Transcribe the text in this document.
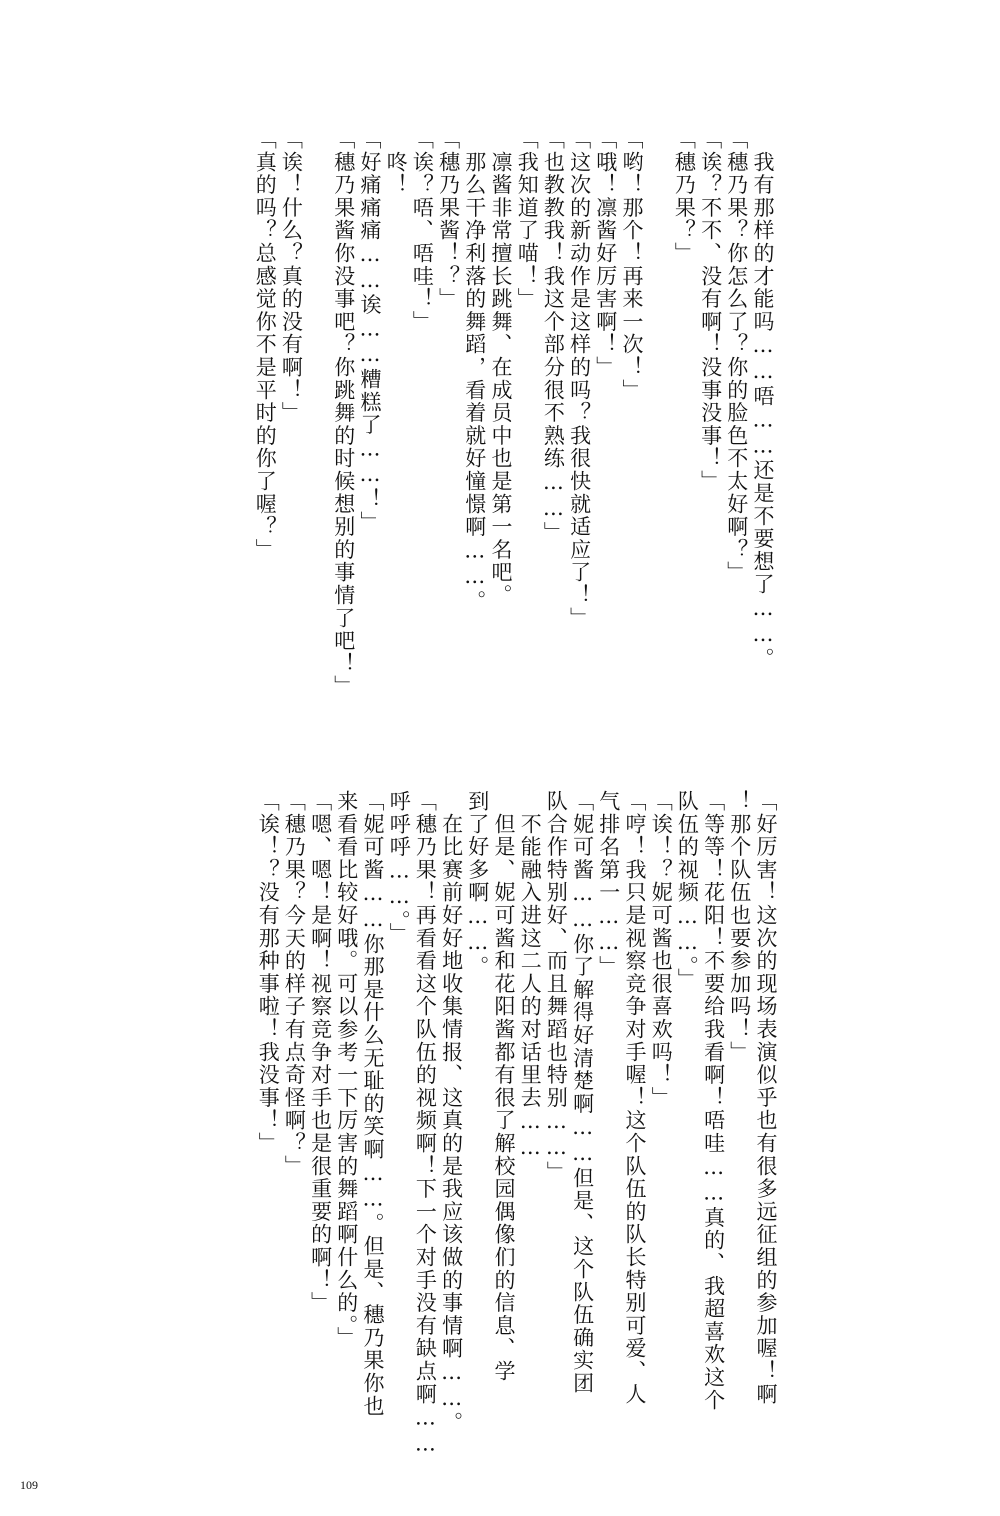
　我有那样的才能吗……唔……还是不要想了……。
「穗乃果？你怎么了？你的脸色不太好啊？」
「诶？不不、没有啊！没事没事！」
「穗乃果？」
「哟！那个！再来一次！」
「哦！凛酱好厉害啊！」
「这次的新动作是这样的吗？我很快就适应了！」
「也教教我！我这个部分很不熟练……」
「我知道了喵！」
　凛酱非常擅长跳舞、在成员中也是第一名吧。
　那么干净利落的舞蹈，看着就好憧憬啊……。
「穗乃果酱！？」
「诶？唔、唔哇！」
　咚！
「好痛痛痛……诶……糟糕了……！」
「穗乃果酱你没事吧？你跳舞的时候想别的事情了吧！」
「诶！什么？真的没有啊！」
「真的吗？总感觉你不是平时的你了喔？」
「好厉害！这次的现场表演似乎也有很多远征组的参加喔！啊
！那个队伍也要参加吗！」
「等等！花阳！不要给我看啊！唔哇……真的、我超喜欢这个
队伍的视频……。」
「诶！？妮可酱也很喜欢吗！」
「哼！我只是视察竞争对手喔！这个队伍的队长特别可爱、人
气排名第一……」
「妮可酱……你了解得好清楚啊……但是、这个队伍确实团
队合作特别好、而且舞蹈也特别……」
　不能融入进这二人的对话里去……
　但是、妮可酱和花阳酱都有很了解校园偶像们的信息、学
到了好多啊……。
　在比赛前好好地收集情报、这真的是我应该做的事情啊……。
「穗乃果！再看看这个队伍的视频啊！下一个对手没有缺点啊……
呼呼呼……。」
「妮可酱……你那是什么无耻的笑啊……。但是、穗乃果你也
来看看比较好哦。可以参考一下厉害的舞蹈啊什么的。」
「嗯、嗯！是啊！视察竞争对手也是很重要的啊！」
「穗乃果？今天的样子有点奇怪啊？」
「诶！？没有那种事啦！我没事！」
109
